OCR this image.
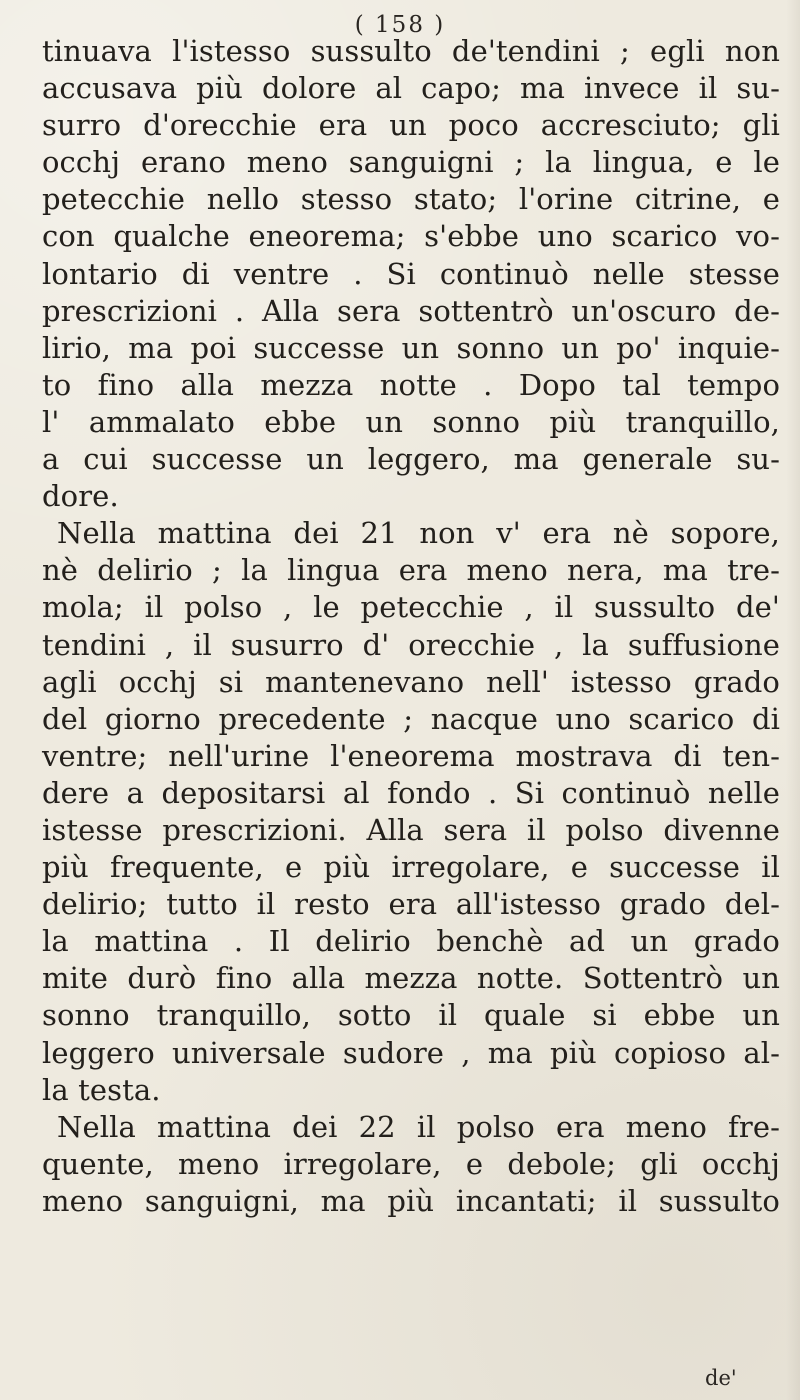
( 158 )
tinuava l'istesso sussulto de'tendini ; egli non
accusava più dolore al capo; ma invece il su-
surro d'orecchie era un poco accresciuto; gli
occhj erano meno sanguigni ; la lingua, e le
petecchie nello stesso stato; l'orine citrine, e
con qualche eneorema; s'ebbe uno scarico vo-
lontario di ventre . Si continuò nelle stesse
prescrizioni . Alla sera sottentrò un'oscuro de-
lirio, ma poi successe un sonno un po' inquie-
to fino alla mezza notte . Dopo tal tempo
l' ammalato ebbe un sonno più tranquillo,
a cui successe un leggero, ma generale su-
dore.
Nella mattina dei 21 non v' era nè sopore,
nè delirio ; la lingua era meno nera, ma tre-
mola; il polso , le petecchie , il sussulto de'
tendini , il susurro d' orecchie , la suffusione
agli occhj si mantenevano nell' istesso grado
del giorno precedente ; nacque uno scarico di
ventre; nell'urine l'eneorema mostrava di ten-
dere a depositarsi al fondo . Si continuò nelle
istesse prescrizioni. Alla sera il polso divenne
più frequente, e più irregolare, e successe il
delirio; tutto il resto era all'istesso grado del-
la mattina . Il delirio benchè ad un grado
mite durò fino alla mezza notte. Sottentrò un
sonno tranquillo, sotto il quale si ebbe un
leggero universale sudore , ma più copioso al-
la testa.
Nella mattina dei 22 il polso era meno fre-
quente, meno irregolare, e debole; gli occhj
meno sanguigni, ma più incantati; il sussulto
de'
